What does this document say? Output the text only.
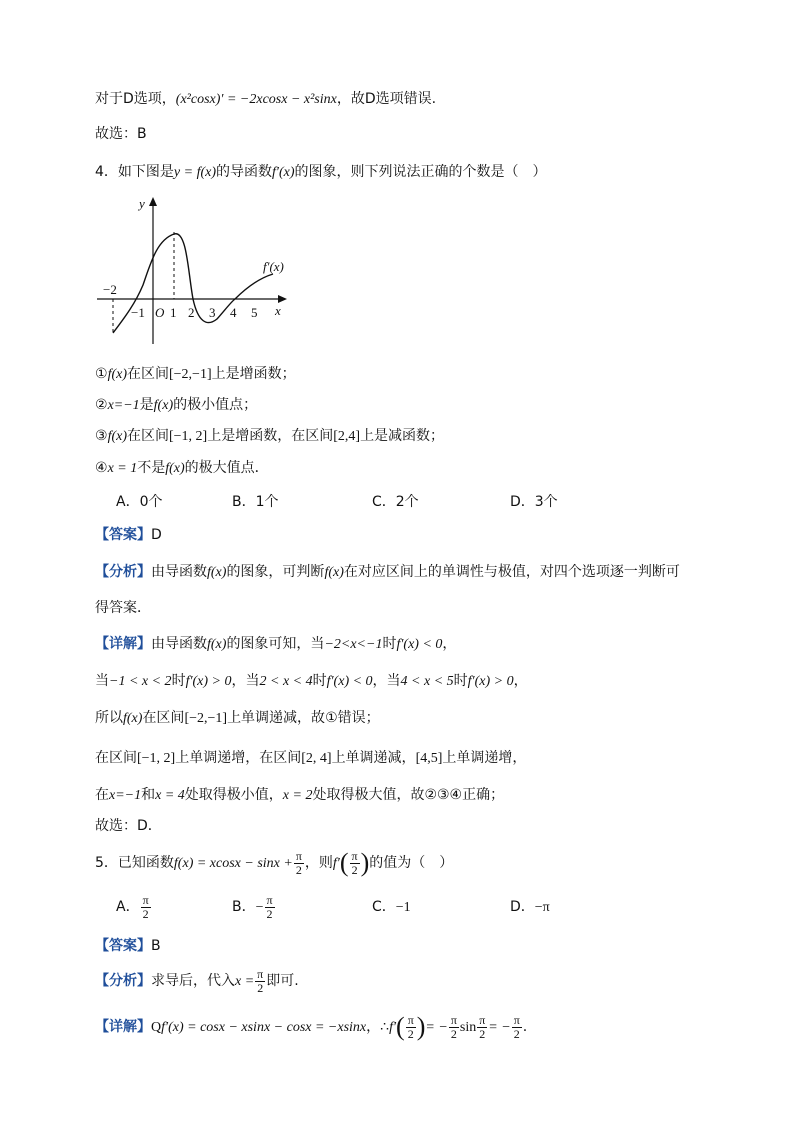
对于D选项，(x²cosx)′ = −2xcosx − x²sinx，故D选项错误.
故选：B
4．如下图是y = f(x)的导函数f′(x)的图象，则下列说法正确的个数是（　）
y
x
O
f′(x)
−2
−1 1 2 3 4 5
①f(x)在区间[−2,−1]上是增函数；
②x=−1是f(x)的极小值点；
③f(x)在区间[−1, 2]上是增函数，在区间[2,4]上是减函数；
④x = 1不是f(x)的极大值点．
A．0个	B．1个	C．2个	D．3个
【答案】D
【分析】由导函数f(x)的图象，可判断f(x)在对应区间上的单调性与极值，对四个选项逐一判断可
得答案．
【详解】由导函数f(x)的图象可知，当−2<x<−1时f′(x) < 0，
当−1 < x < 2时f′(x) > 0，当2 < x < 4时f′(x) < 0，当4 < x < 5时f′(x) > 0，
所以f(x)在区间[−2,−1]上单调递减，故①错误；
在区间[−1, 2]上单调递增，在区间[2, 4]上单调递减，[4,5]上单调递增，
在x=−1和x = 4处取得极小值，x = 2处取得极大值，故②③④正确；
故选：D．
5．已知函数$f(x) = xcosx - \sin x + \frac{\pi}{2}$ ，则$f'( \frac{\pi}{2}$ )的值为（　）
A． $\frac{\pi}{2}$	B．− $\frac{\pi}{2}$	C．−1	D．−π
【答案】B
【分析】求导后，代入$x = \frac{\pi}{2}$ 即可.
【详解】Qf′(x) = cosx − xsinx − cosx = −xsinx，∴f′( $\frac{\pi}{2}$ )= − $\frac{\pi}{2}$ $\sin \frac{\pi}{2}$ = − $\frac{\pi}{2}$ .
